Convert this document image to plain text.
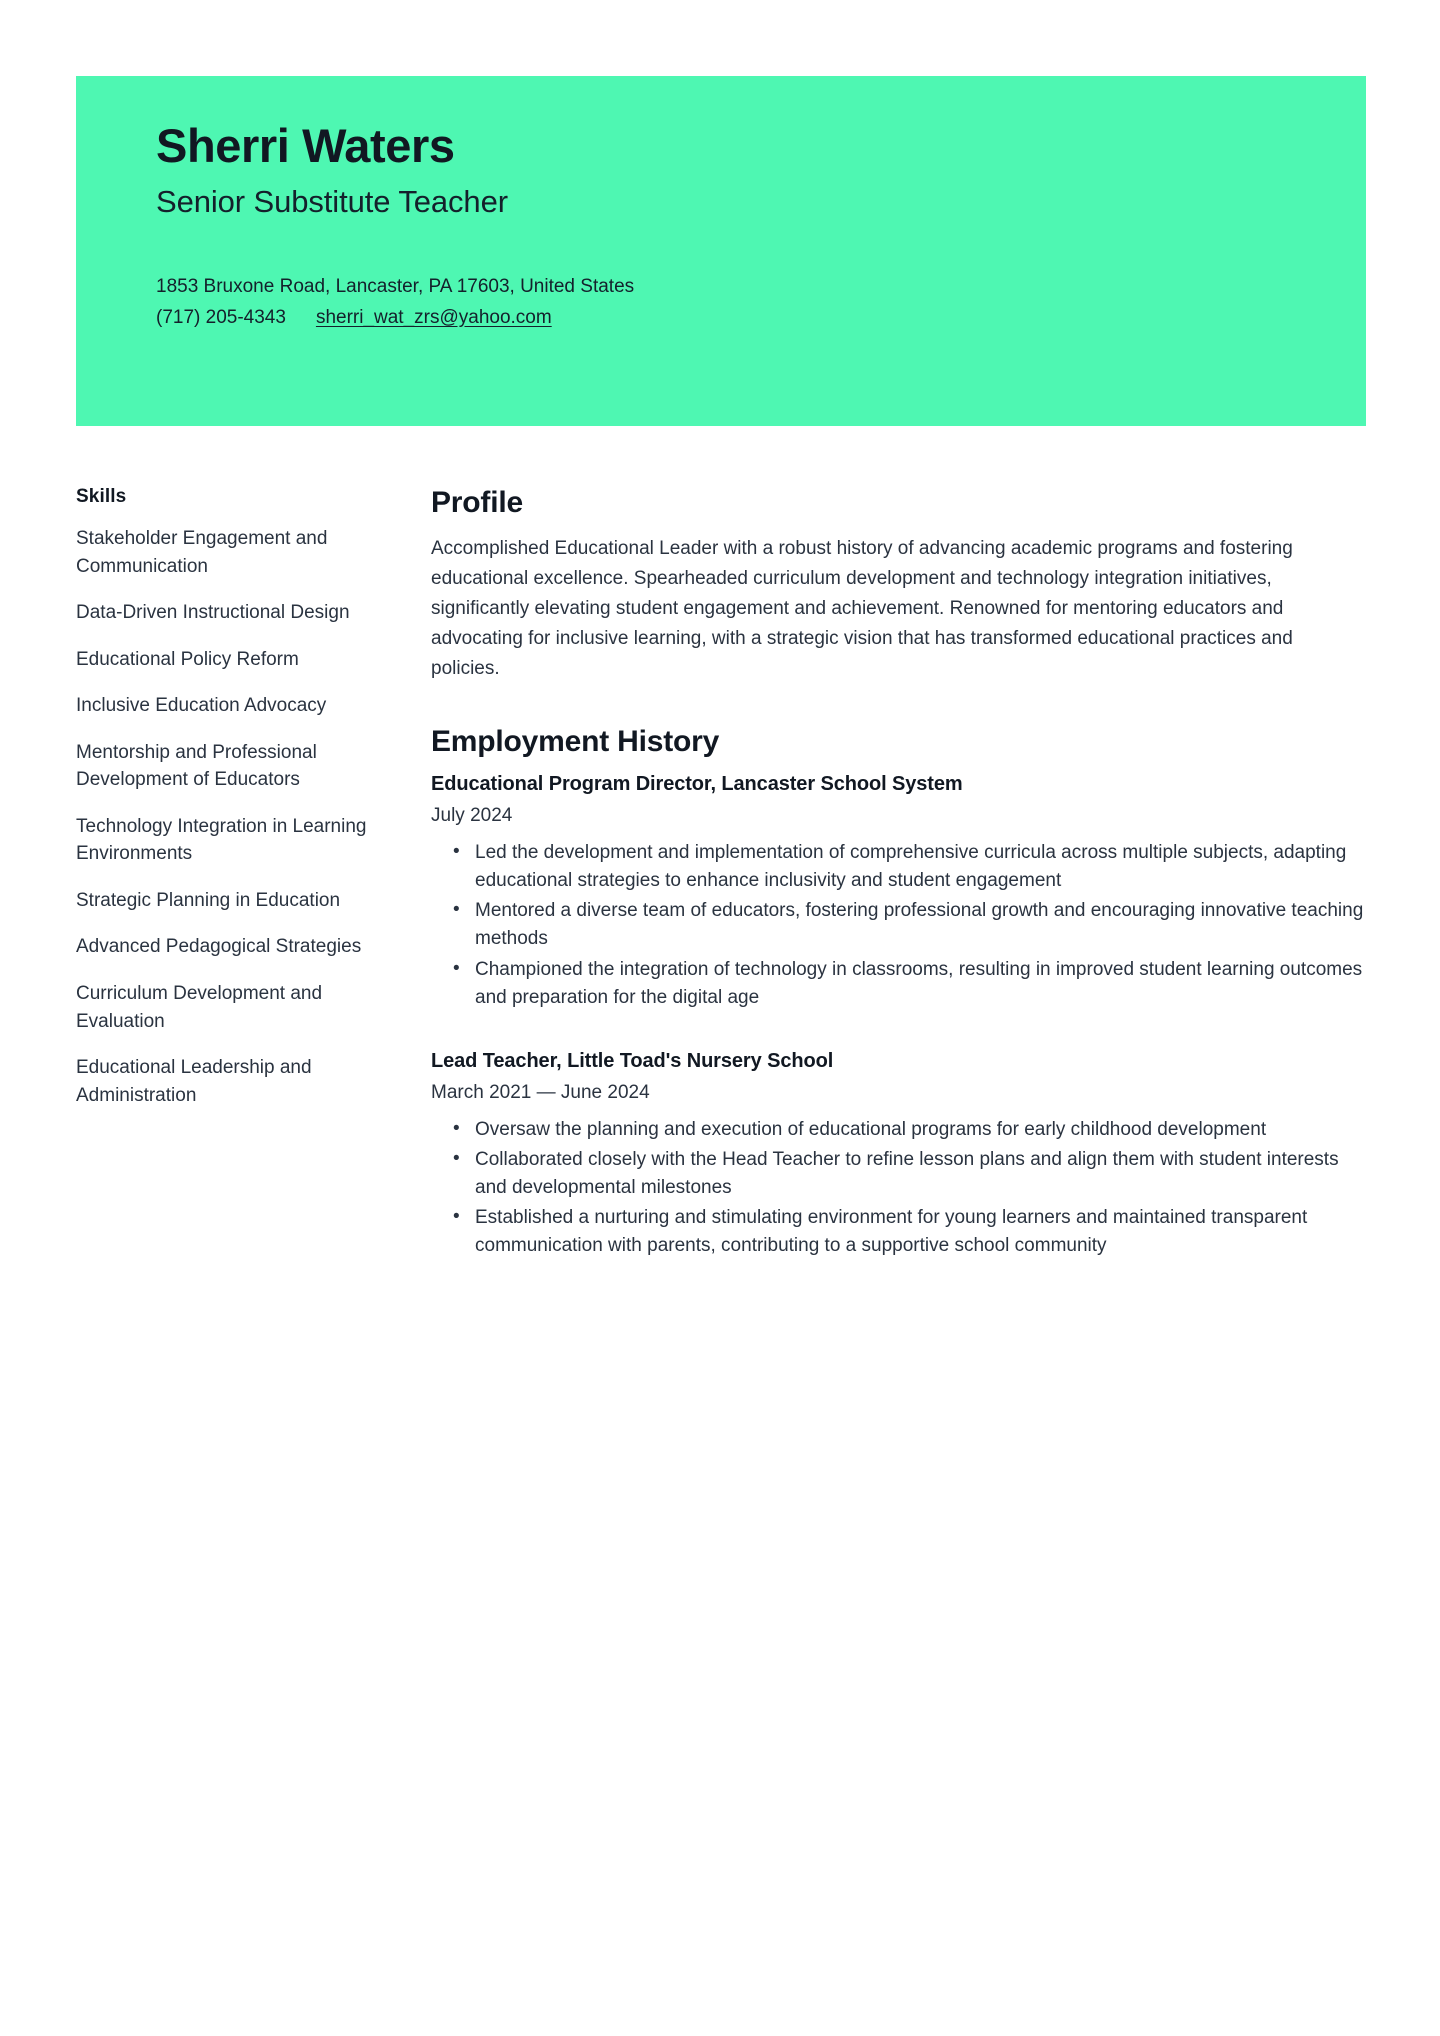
Sherri Waters
Senior Substitute Teacher
1853 Bruxone Road, Lancaster, PA 17603, United States
(717) 205-4343 sherri_wat_zrs@yahoo.com
Skills
Stakeholder Engagement and Communication
Data-Driven Instructional Design
Educational Policy Reform
Inclusive Education Advocacy
Mentorship and Professional Development of Educators
Technology Integration in Learning Environments
Strategic Planning in Education
Advanced Pedagogical Strategies
Curriculum Development and Evaluation
Educational Leadership and Administration
Profile

Accomplished Educational Leader with a robust history of advancing academic programs and fostering educational excellence. Spearheaded curriculum development and technology integration initiatives, significantly elevating student engagement and achievement. Renowned for mentoring educators and advocating for inclusive learning, with a strategic vision that has transformed educational practices and policies.

Employment History
Educational Program Director, Lancaster School System
July 2024
• Led the development and implementation of comprehensive curricula across multiple subjects, adapting educational strategies to enhance inclusivity and student engagement
• Mentored a diverse team of educators, fostering professional growth and encouraging innovative teaching methods
• Championed the integration of technology in classrooms, resulting in improved student learning outcomes and preparation for the digital age
Lead Teacher, Little Toad's Nursery School
March 2021 — June 2024
• Oversaw the planning and execution of educational programs for early childhood development
• Collaborated closely with the Head Teacher to refine lesson plans and align them with student interests and developmental milestones
• Established a nurturing and stimulating environment for young learners and maintained transparent communication with parents, contributing to a supportive school community
